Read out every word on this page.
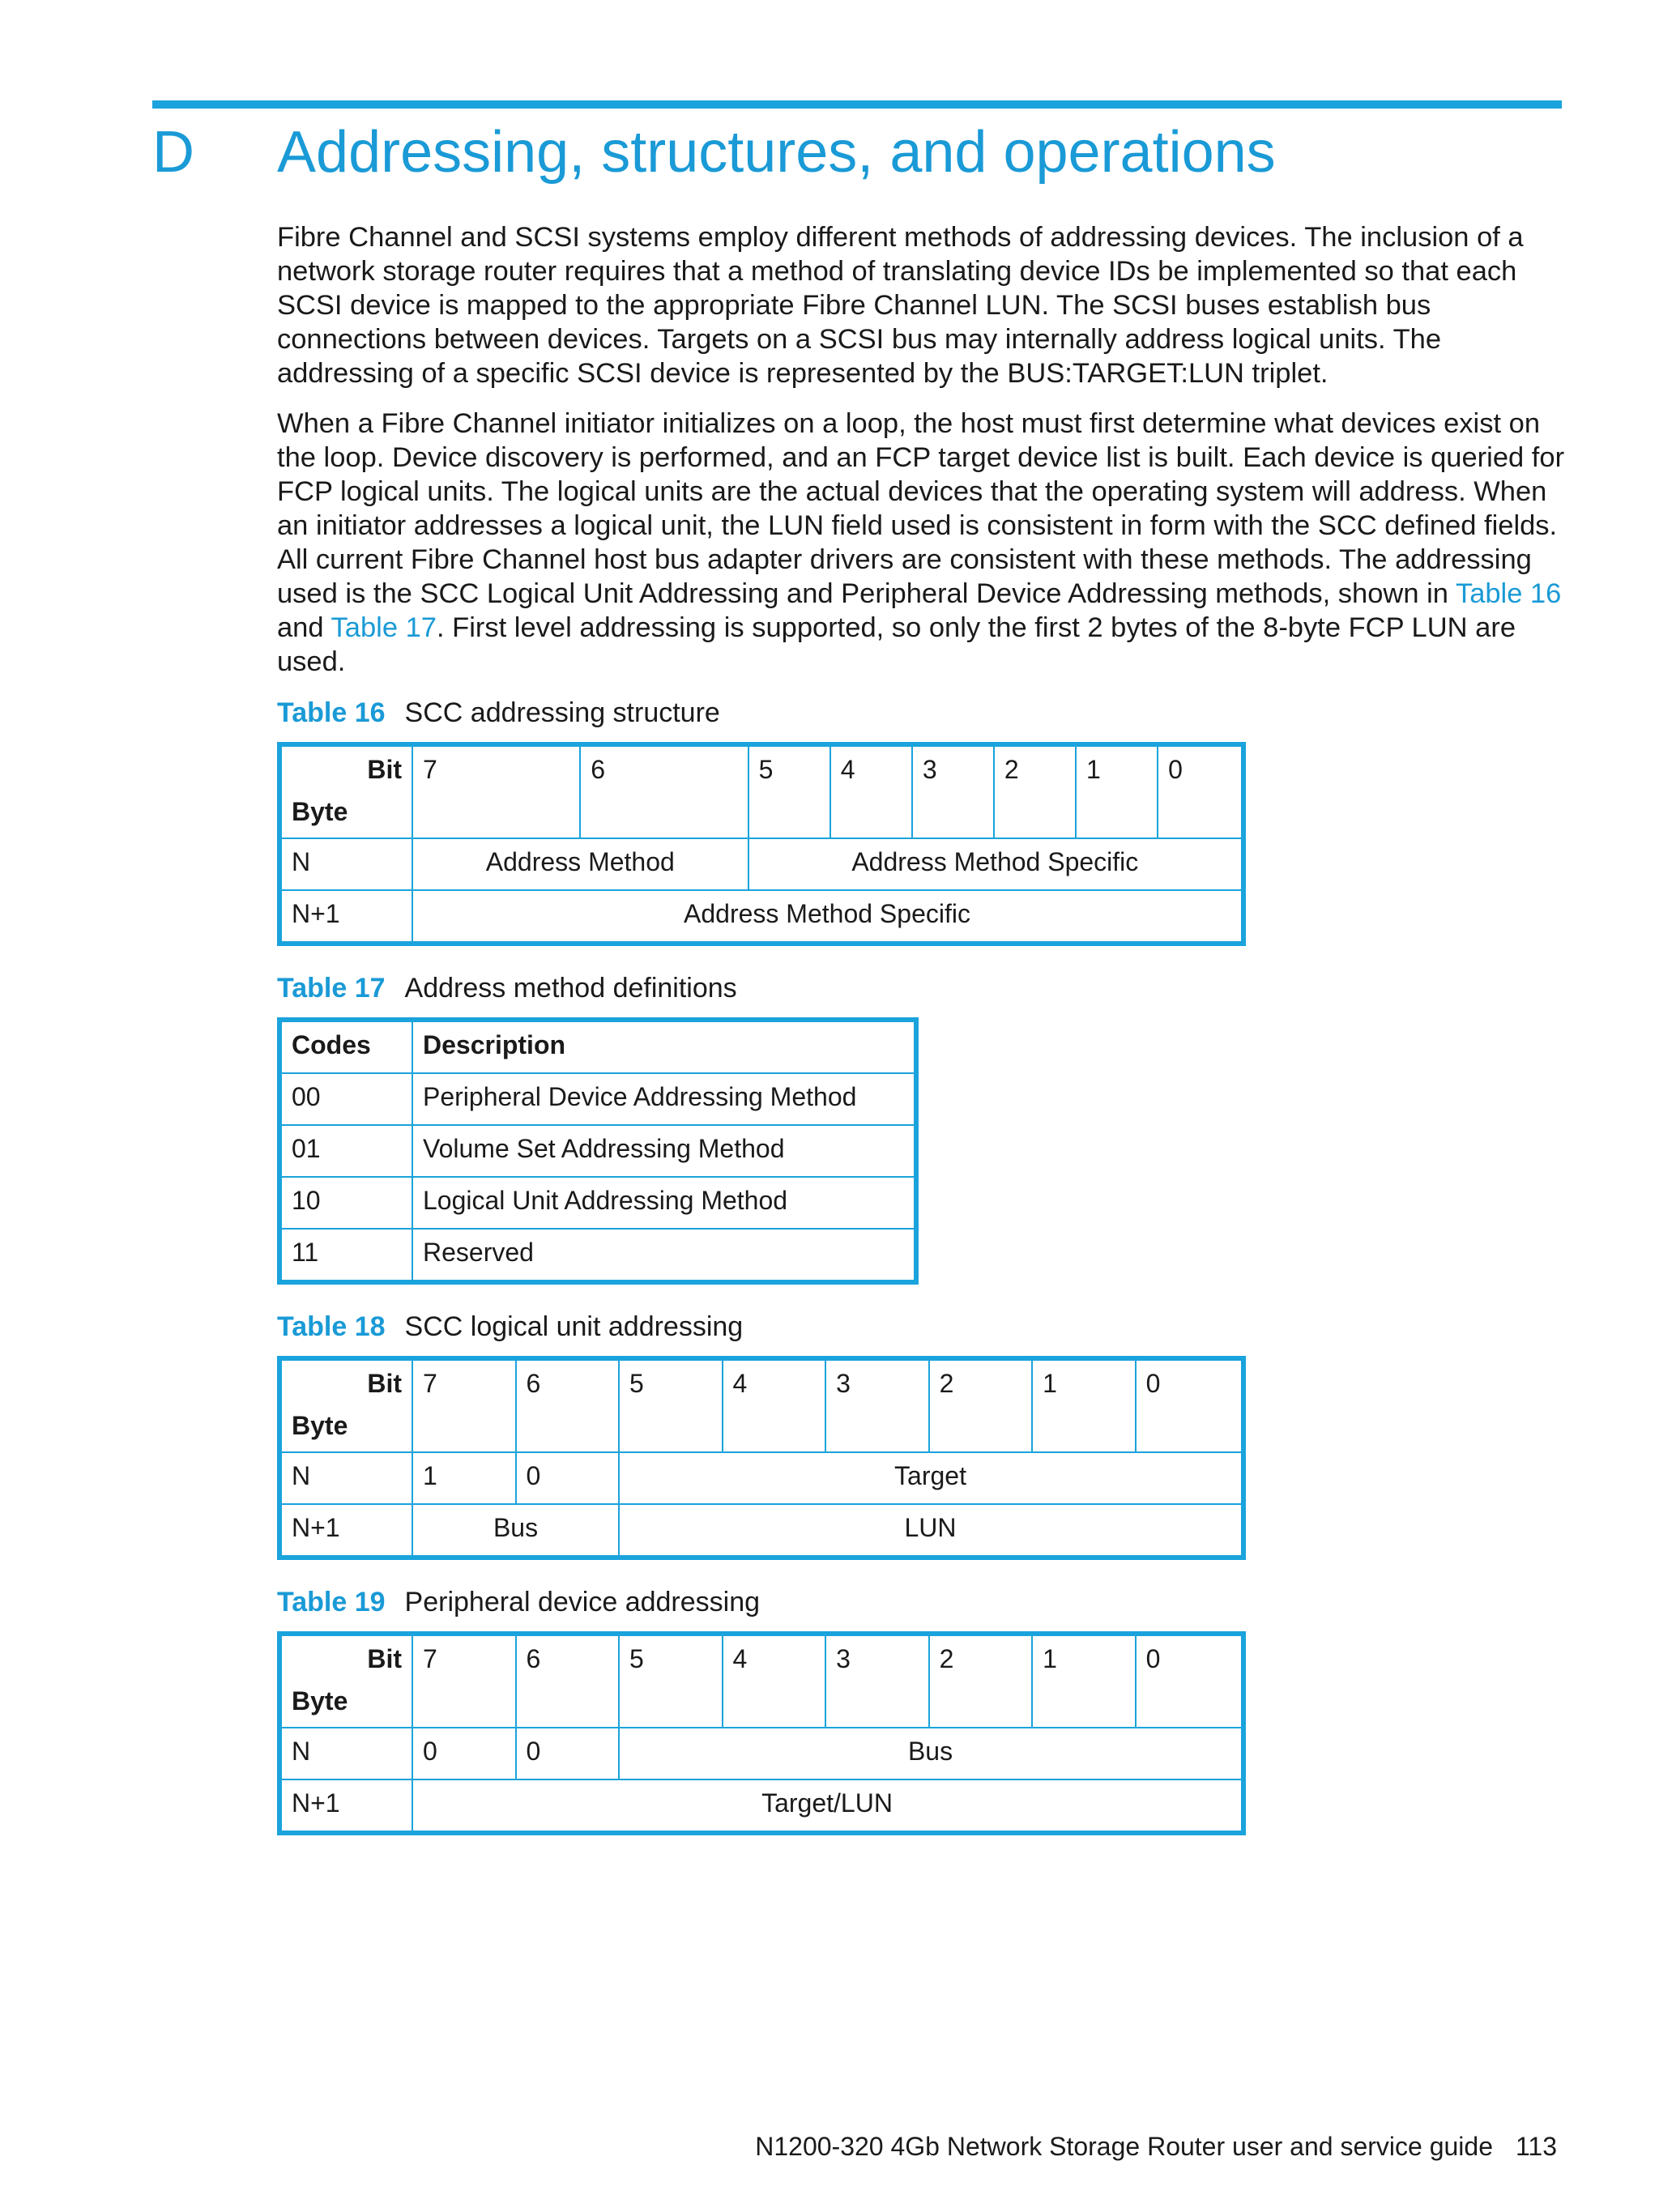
D Addressing, structures, and operations

Fibre Channel and SCSI systems employ different methods of addressing devices. The inclusion of a network storage router requires that a method of translating device IDs be implemented so that each SCSI device is mapped to the appropriate Fibre Channel LUN. The SCSI buses establish bus connections between devices. Targets on a SCSI bus may internally address logical units. The addressing of a specific SCSI device is represented by the BUS:TARGET:LUN triplet.

When a Fibre Channel initiator initializes on a loop, the host must first determine what devices exist on the loop. Device discovery is performed, and an FCP target device list is built. Each device is queried for FCP logical units. The logical units are the actual devices that the operating system will address. When an initiator addresses a logical unit, the LUN field used is consistent in form with the SCC defined fields. All current Fibre Channel host bus adapter drivers are consistent with these methods. The addressing used is the SCC Logical Unit Addressing and Peripheral Device Addressing methods, shown in Table 16 and Table 17. First level addressing is supported, so only the first 2 bytes of the 8-byte FCP LUN are used.

Table 16 SCC addressing structure

Bit
Byte	7	6	5	4	3	2	1	0
N	Address Method		Address Method Specific					
N+1	Address Method Specific							

Table 17 Address method definitions

Codes	Description
00	Peripheral Device Addressing Method
01	Volume Set Addressing Method
10	Logical Unit Addressing Method
11	Reserved

Table 18 SCC logical unit addressing

Bit
Byte	7	6	5	4	3	2	1	0
N	1	0	Target					
N+1	Bus		LUN					

Table 19 Peripheral device addressing

Bit
Byte	7	6	5	4	3	2	1	0
N	0	0	Bus					
N+1	Target/LUN							
N1200-320 4Gb Network Storage Router user and service guide 113
